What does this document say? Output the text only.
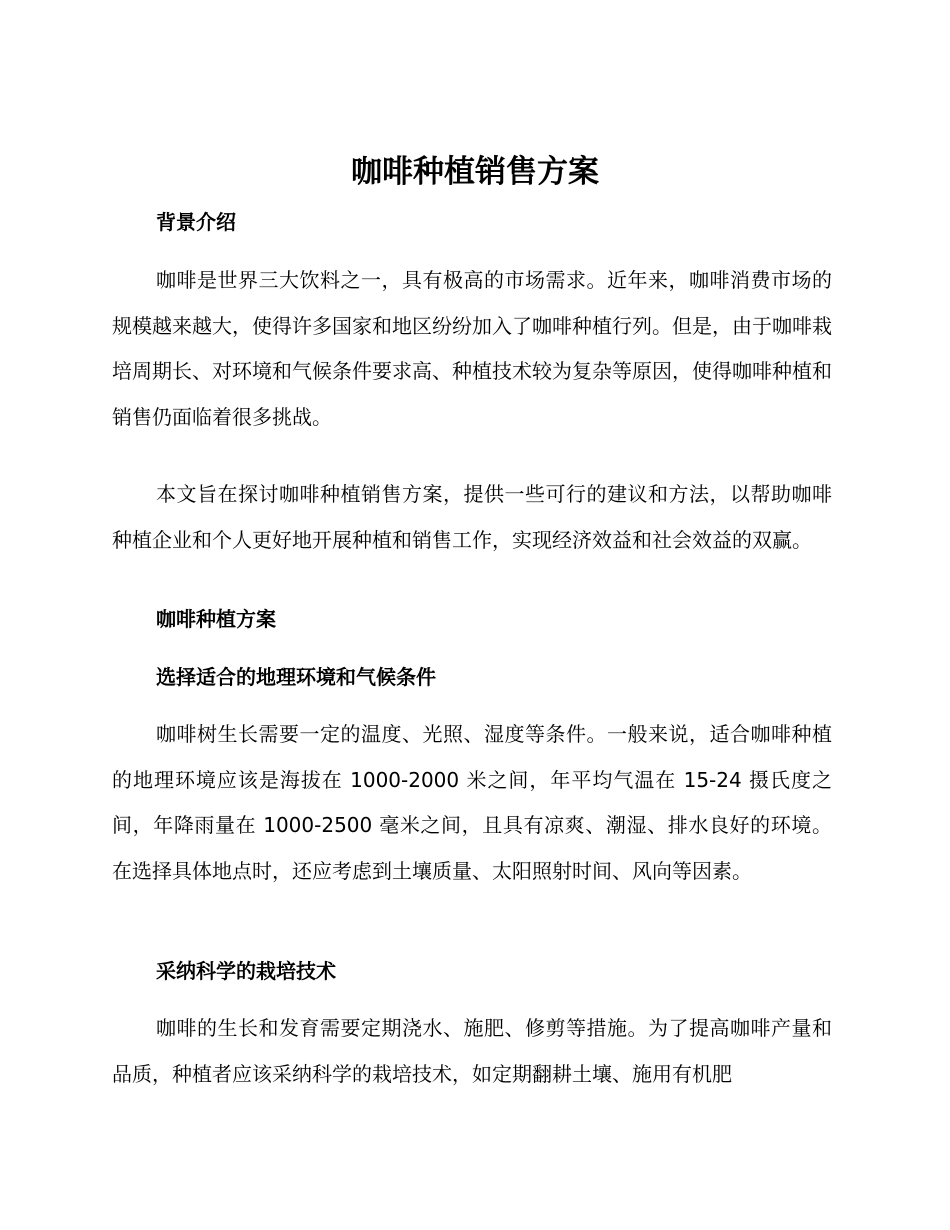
咖啡种植销售方案
背景介绍

咖啡是世界三大饮料之一，具有极高的市场需求。近年来，咖啡消费市场的规模越来越大，使得许多国家和地区纷纷加入了咖啡种植行列。但是，由于咖啡栽培周期长、对环境和气候条件要求高、种植技术较为复杂等原因，使得咖啡种植和销售仍面临着很多挑战。

本文旨在探讨咖啡种植销售方案，提供一些可行的建议和方法，以帮助咖啡种植企业和个人更好地开展种植和销售工作，实现经济效益和社会效益的双赢。

咖啡种植方案
选择适合的地理环境和气候条件

咖啡树生长需要一定的温度、光照、湿度等条件。一般来说，适合咖啡种植的地理环境应该是海拔在 1000-2000 米之间，年平均气温在 15-24 摄氏度之间，年降雨量在 1000-2500 毫米之间，且具有凉爽、潮湿、排水良好的环境。在选择具体地点时，还应考虑到土壤质量、太阳照射时间、风向等因素。

采纳科学的栽培技术

咖啡的生长和发育需要定期浇水、施肥、修剪等措施。为了提高咖啡产量和品质，种植者应该采纳科学的栽培技术，如定期翻耕土壤、施用有机肥
